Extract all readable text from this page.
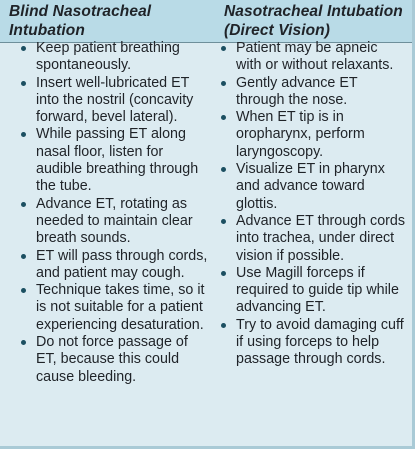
Blind Nasotracheal
Intubation
Nasotracheal Intubation
(Direct Vision)
Keep patient breathing spontaneously.
Insert well-lubricated ET into the nostril (concavity forward, bevel lateral).
While passing ET along nasal floor, listen for audible breathing through the tube.
Advance ET, rotating as needed to maintain clear breath sounds.
ET will pass through cords, and patient may cough.
Technique takes time, so it is not suitable for a patient experiencing desaturation.
Do not force passage of ET, because this could cause bleeding.
Patient may be apneic with or without relaxants.
Gently advance ET through the nose.
When ET tip is in oropharynx, perform laryngoscopy.
Visualize ET in pharynx and advance toward glottis.
Advance ET through cords into trachea, under direct vision if possible.
Use Magill forceps if required to guide tip while advancing ET.
Try to avoid damaging cuff if using forceps to help passage through cords.
